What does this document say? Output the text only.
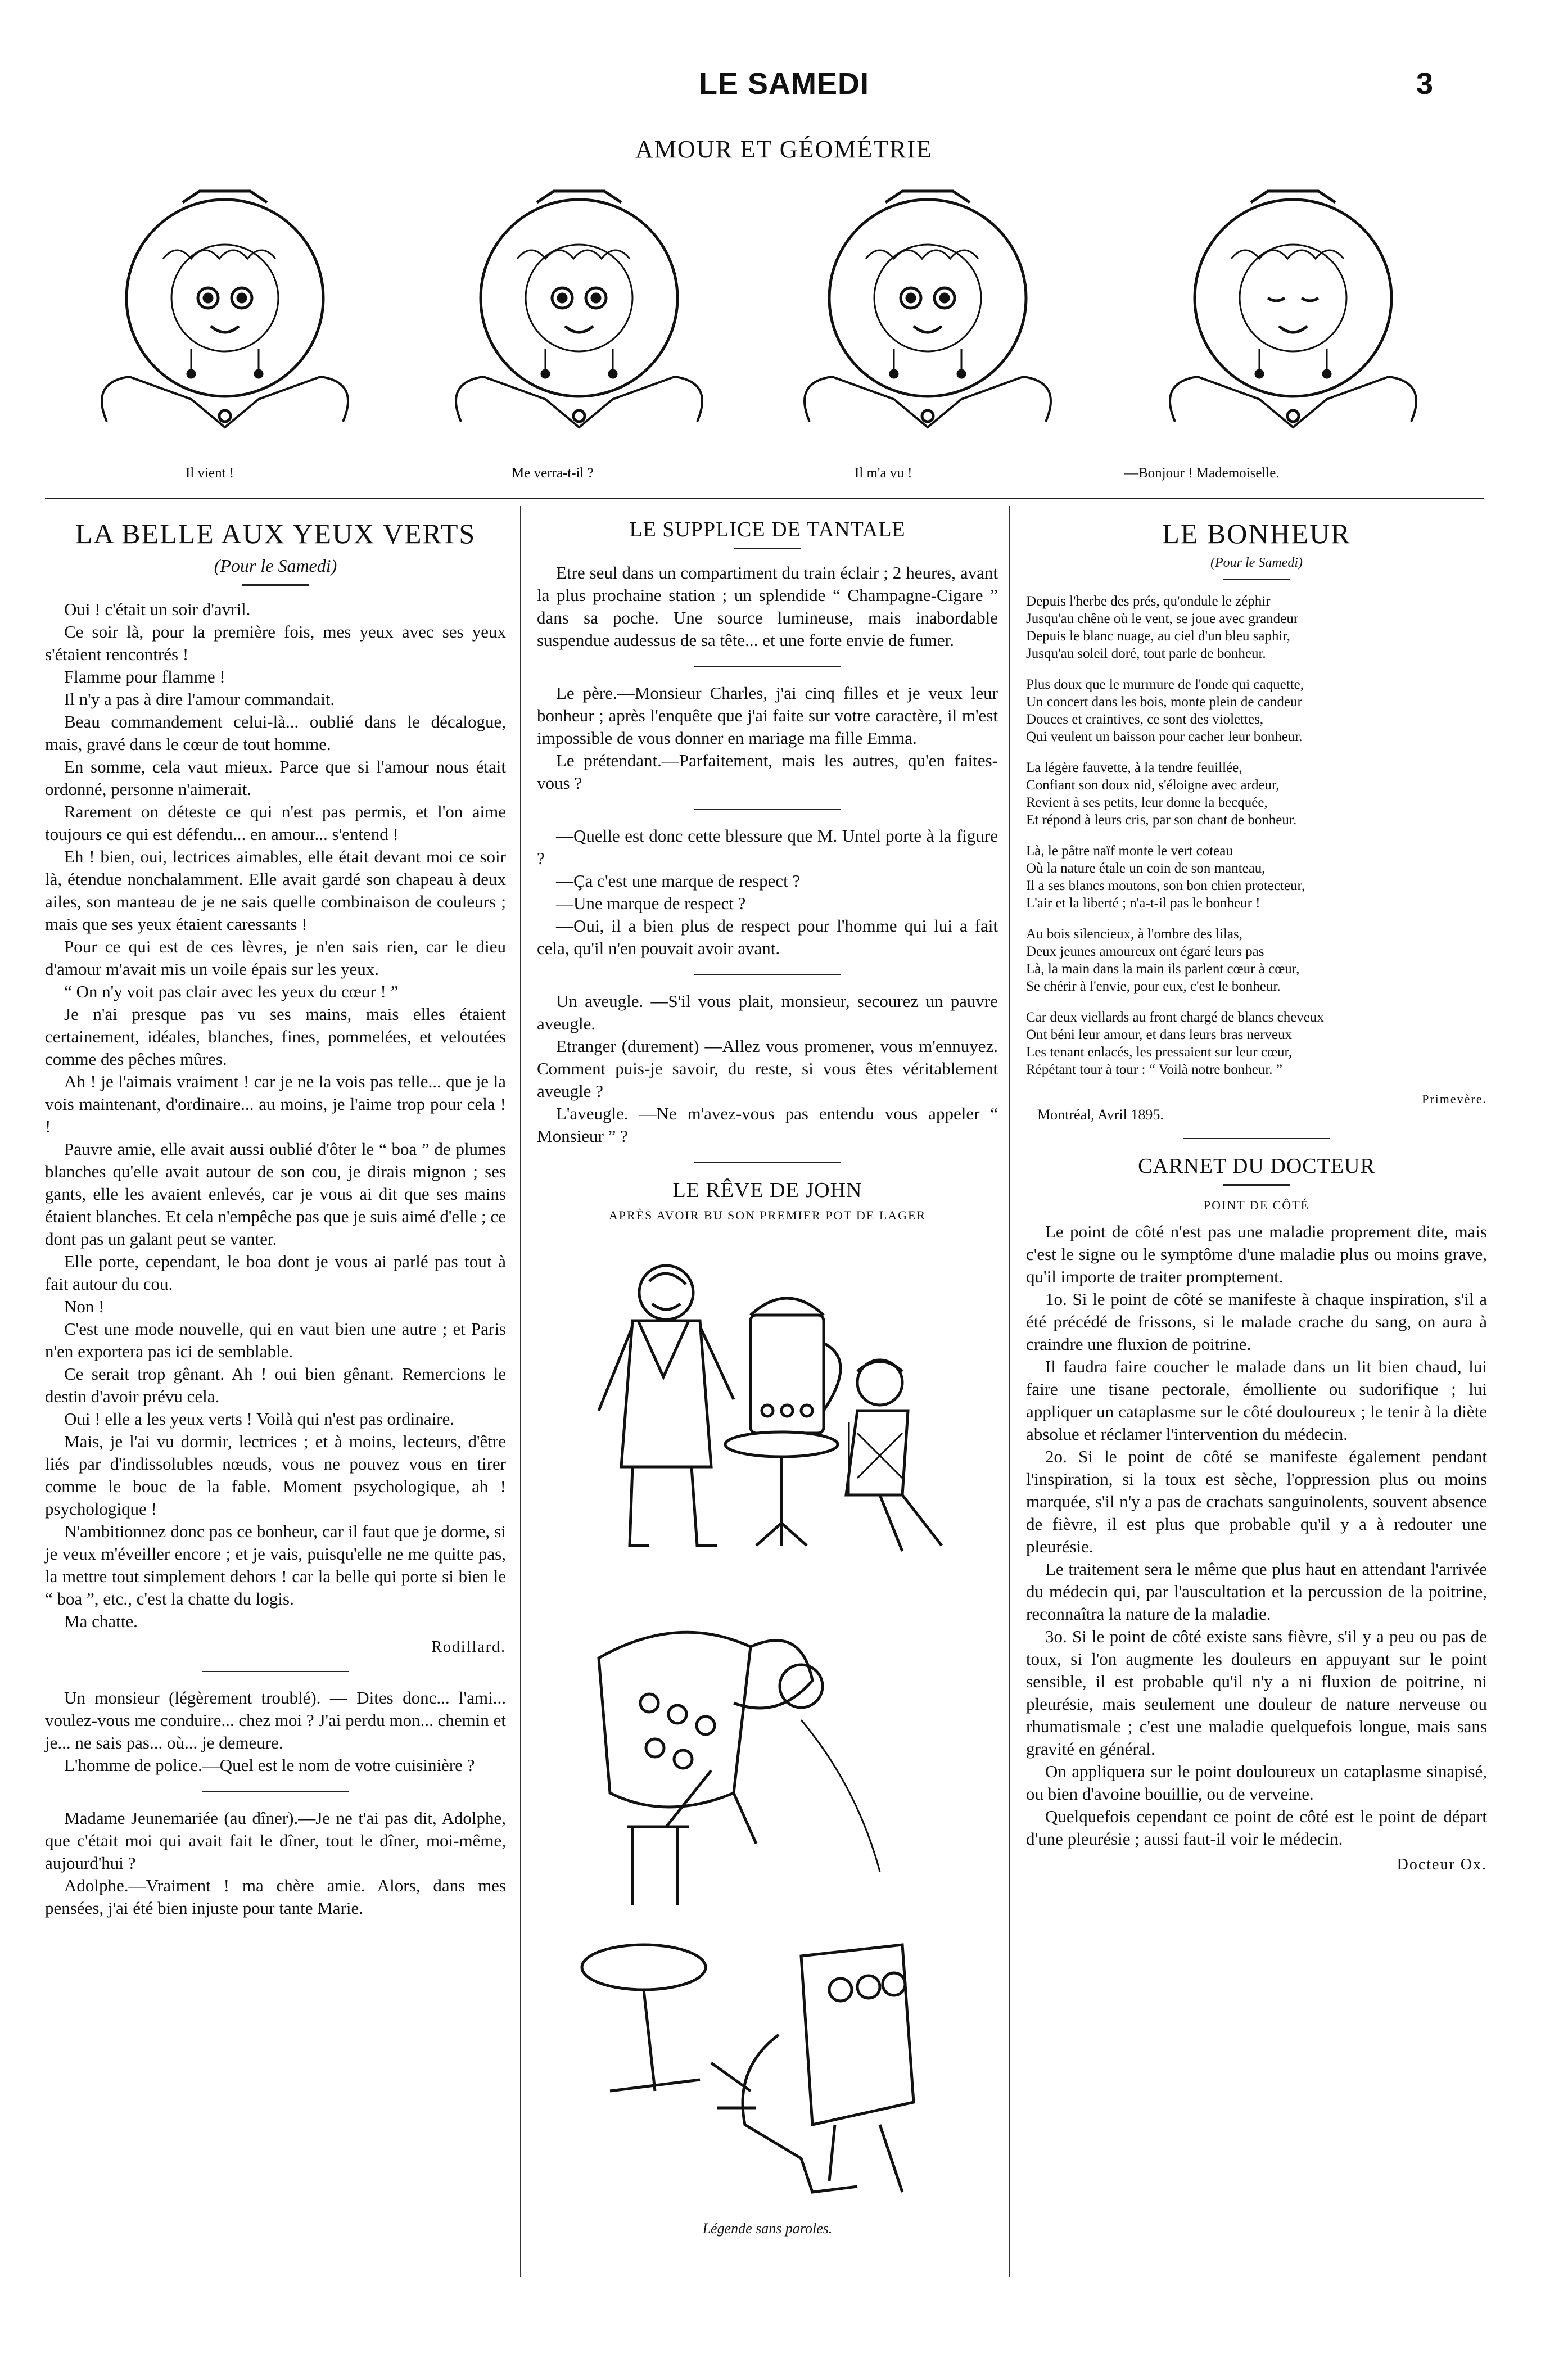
LE SAMEDI	3
AMOUR ET GÉOMÉTRIE
Il vient !	Me verra-t-il ?	Il m'a vu !	—Bonjour ! Mademoiselle.
LA BELLE AUX YEUX VERTS
(Pour le Samedi)

Oui ! c'était un soir d'avril.

Ce soir là, pour la première fois, mes yeux avec ses yeux s'étaient rencontrés !

Flamme pour flamme !

Il n'y a pas à dire l'amour commandait.

Beau commandement celui-là... oublié dans le décalogue, mais, gravé dans le cœur de tout homme.

En somme, cela vaut mieux. Parce que si l'amour nous était ordonné, personne n'aimerait.

Rarement on déteste ce qui n'est pas permis, et l'on aime toujours ce qui est défendu... en amour... s'entend !

Eh ! bien, oui, lectrices aimables, elle était devant moi ce soir là, étendue nonchalamment. Elle avait gardé son chapeau à deux ailes, son manteau de je ne sais quelle combinaison de couleurs ; mais que ses yeux étaient caressants !

Pour ce qui est de ces lèvres, je n'en sais rien, car le dieu d'amour m'avait mis un voile épais sur les yeux.

“ On n'y voit pas clair avec les yeux du cœur ! ”

Je n'ai presque pas vu ses mains, mais elles étaient certainement, idéales, blanches, fines, pommelées, et veloutées comme des pêches mûres.

Ah ! je l'aimais vraiment ! car je ne la vois pas telle... que je la vois maintenant, d'ordinaire... au moins, je l'aime trop pour cela ! !

Pauvre amie, elle avait aussi oublié d'ôter le “ boa ” de plumes blanches qu'elle avait autour de son cou, je dirais mignon ; ses gants, elle les avaient enlevés, car je vous ai dit que ses mains étaient blanches. Et cela n'empêche pas que je suis aimé d'elle ; ce dont pas un galant peut se vanter.

Elle porte, cependant, le boa dont je vous ai parlé pas tout à fait autour du cou.

Non !

C'est une mode nouvelle, qui en vaut bien une autre ; et Paris n'en exportera pas ici de semblable.

Ce serait trop gênant. Ah ! oui bien gênant. Remercions le destin d'avoir prévu cela.

Oui ! elle a les yeux verts ! Voilà qui n'est pas ordinaire.

Mais, je l'ai vu dormir, lectrices ; et à moins, lecteurs, d'être liés par d'indissolubles nœuds, vous ne pouvez vous en tirer comme le bouc de la fable. Moment psychologique, ah ! psychologique !

N'ambitionnez donc pas ce bonheur, car il faut que je dorme, si je veux m'éveiller encore ; et je vais, puisqu'elle ne me quitte pas, la mettre tout simplement dehors ! car la belle qui porte si bien le “ boa ”, etc., c'est la chatte du logis.

Ma chatte.

Rodillard.

Un monsieur (légèrement troublé). — Dites donc... l'ami... voulez-vous me conduire... chez moi ? J'ai perdu mon... chemin et je... ne sais pas... où... je demeure.

L'homme de police.—Quel est le nom de votre cuisinière ?

Madame Jeunemariée (au dîner).—Je ne t'ai pas dit, Adolphe, que c'était moi qui avait fait le dîner, tout le dîner, moi-même, aujourd'hui ?

Adolphe.—Vraiment ! ma chère amie. Alors, dans mes pensées, j'ai été bien injuste pour tante Marie.

LE SUPPLICE DE TANTALE

Etre seul dans un compartiment du train éclair ; 2 heures, avant la plus prochaine station ; un splendide “ Champagne-Cigare ” dans sa poche. Une source lumineuse, mais inabordable suspendue audessus de sa tête... et une forte envie de fumer.

Le père.—Monsieur Charles, j'ai cinq filles et je veux leur bonheur ; après l'enquête que j'ai faite sur votre caractère, il m'est impossible de vous donner en mariage ma fille Emma.

Le prétendant.—Parfaitement, mais les autres, qu'en faites-vous ?

—Quelle est donc cette blessure que M. Untel porte à la figure ?

—Ça c'est une marque de respect ?

—Une marque de respect ?

—Oui, il a bien plus de respect pour l'homme qui lui a fait cela, qu'il n'en pouvait avoir avant.

Un aveugle. —S'il vous plait, monsieur, secourez un pauvre aveugle.

Etranger (durement) —Allez vous promener, vous m'ennuyez. Comment puis-je savoir, du reste, si vous êtes véritablement aveugle ?

L'aveugle. —Ne m'avez-vous pas entendu vous appeler “ Monsieur ” ?

LE RÊVE DE JOHN
APRÈS AVOIR BU SON PREMIER POT DE LAGER
Légende sans paroles.
LE BONHEUR
(Pour le Samedi)
Depuis l'herbe des prés, qu'ondule le zéphir
Jusqu'au chêne où le vent, se joue avec grandeur
Depuis le blanc nuage, au ciel d'un bleu saphir,
Jusqu'au soleil doré, tout parle de bonheur.
Plus doux que le murmure de l'onde qui caquette,
Un concert dans les bois, monte plein de candeur
Douces et craintives, ce sont des violettes,
Qui veulent un baisson pour cacher leur bonheur.
La légère fauvette, à la tendre feuillée,
Confiant son doux nid, s'éloigne avec ardeur,
Revient à ses petits, leur donne la becquée,
Et répond à leurs cris, par son chant de bonheur.
Là, le pâtre naïf monte le vert coteau
Où la nature étale un coin de son manteau,
Il a ses blancs moutons, son bon chien protecteur,
L'air et la liberté ; n'a-t-il pas le bonheur !
Au bois silencieux, à l'ombre des lilas,
Deux jeunes amoureux ont égaré leurs pas
Là, la main dans la main ils parlent cœur à cœur,
Se chérir à l'envie, pour eux, c'est le bonheur.
Car deux viellards au front chargé de blancs cheveux
Ont béni leur amour, et dans leurs bras nerveux
Les tenant enlacés, les pressaient sur leur cœur,
Répétant tour à tour : “ Voilà notre bonheur. ”
Primevère.
Montréal, Avril 1895.
CARNET DU DOCTEUR
POINT DE CÔTÉ

Le point de côté n'est pas une maladie proprement dite, mais c'est le signe ou le symptôme d'une maladie plus ou moins grave, qu'il importe de traiter promptement.

1o. Si le point de côté se manifeste à chaque inspiration, s'il a été précédé de frissons, si le malade crache du sang, on aura à craindre une fluxion de poitrine.

Il faudra faire coucher le malade dans un lit bien chaud, lui faire une tisane pectorale, émolliente ou sudorifique ; lui appliquer un cataplasme sur le côté douloureux ; le tenir à la diète absolue et réclamer l'intervention du médecin.

2o. Si le point de côté se manifeste également pendant l'inspiration, si la toux est sèche, l'oppression plus ou moins marquée, s'il n'y a pas de crachats sanguinolents, souvent absence de fièvre, il est plus que probable qu'il y a à redouter une pleurésie.

Le traitement sera le même que plus haut en attendant l'arrivée du médecin qui, par l'auscultation et la percussion de la poitrine, reconnaîtra la nature de la maladie.

3o. Si le point de côté existe sans fièvre, s'il y a peu ou pas de toux, si l'on augmente les douleurs en appuyant sur le point sensible, il est probable qu'il n'y a ni fluxion de poitrine, ni pleurésie, mais seulement une douleur de nature nerveuse ou rhumatismale ; c'est une maladie quelquefois longue, mais sans gravité en général.

On appliquera sur le point douloureux un cataplasme sinapisé, ou bien d'avoine bouillie, ou de verveine.

Quelquefois cependant ce point de côté est le point de départ d'une pleurésie ; aussi faut-il voir le médecin.

Docteur Ox.
